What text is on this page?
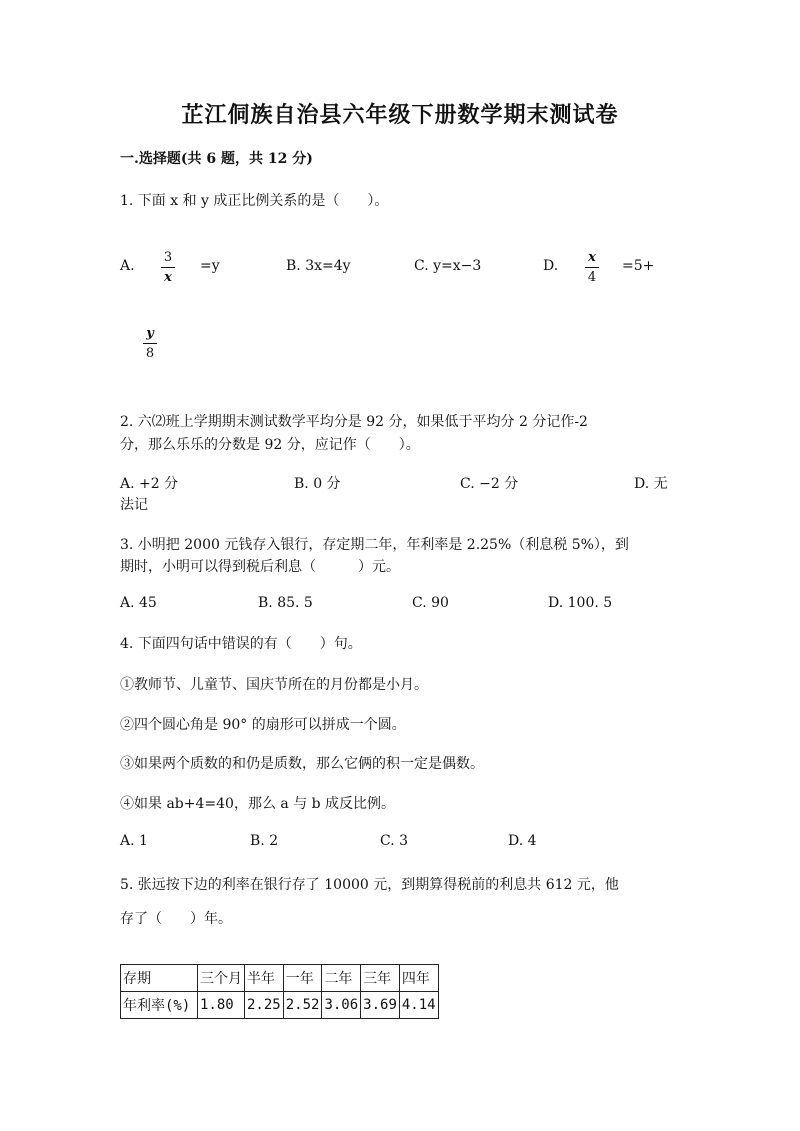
芷江侗族自治县六年级下册数学期末测试卷
一.选择题(共 6 题，共 12 分)
1. 下面 x 和 y 成正比例关系的是（　　）。
A.
3
x
=y	B. 3x=4y	C. y=x−3	D.
x
4
=5+
y
8
2. 六⑵班上学期期末测试数学平均分是 92 分，如果低于平均分 2 分记作-2
分，那么乐乐的分数是 92 分，应记作（　　）。
A. +2 分	B. 0 分	C. −2 分	D. 无
法记
3. 小明把 2000 元钱存入银行，存定期二年，年利率是 2.25%（利息税 5%），到
期时，小明可以得到税后利息（　　　）元。
A. 45	B. 85. 5	C. 90	D. 100. 5
4. 下面四句话中错误的有（　　）句。
①教师节、儿童节、国庆节所在的月份都是小月。
②四个圆心角是 90° 的扇形可以拼成一个圆。
③如果两个质数的和仍是质数，那么它俩的积一定是偶数。
④如果 ab+4=40，那么 a 与 b 成反比例。
A. 1	B. 2	C. 3	D. 4
5. 张远按下边的利率在银行存了 10000 元，到期算得税前的利息共 612 元，他
存了（　　）年。
存期	三个月	半年	一年	二年	三年	四年
年利率(%)	1.80	2.25	2.52	3.06	3.69	4.14
